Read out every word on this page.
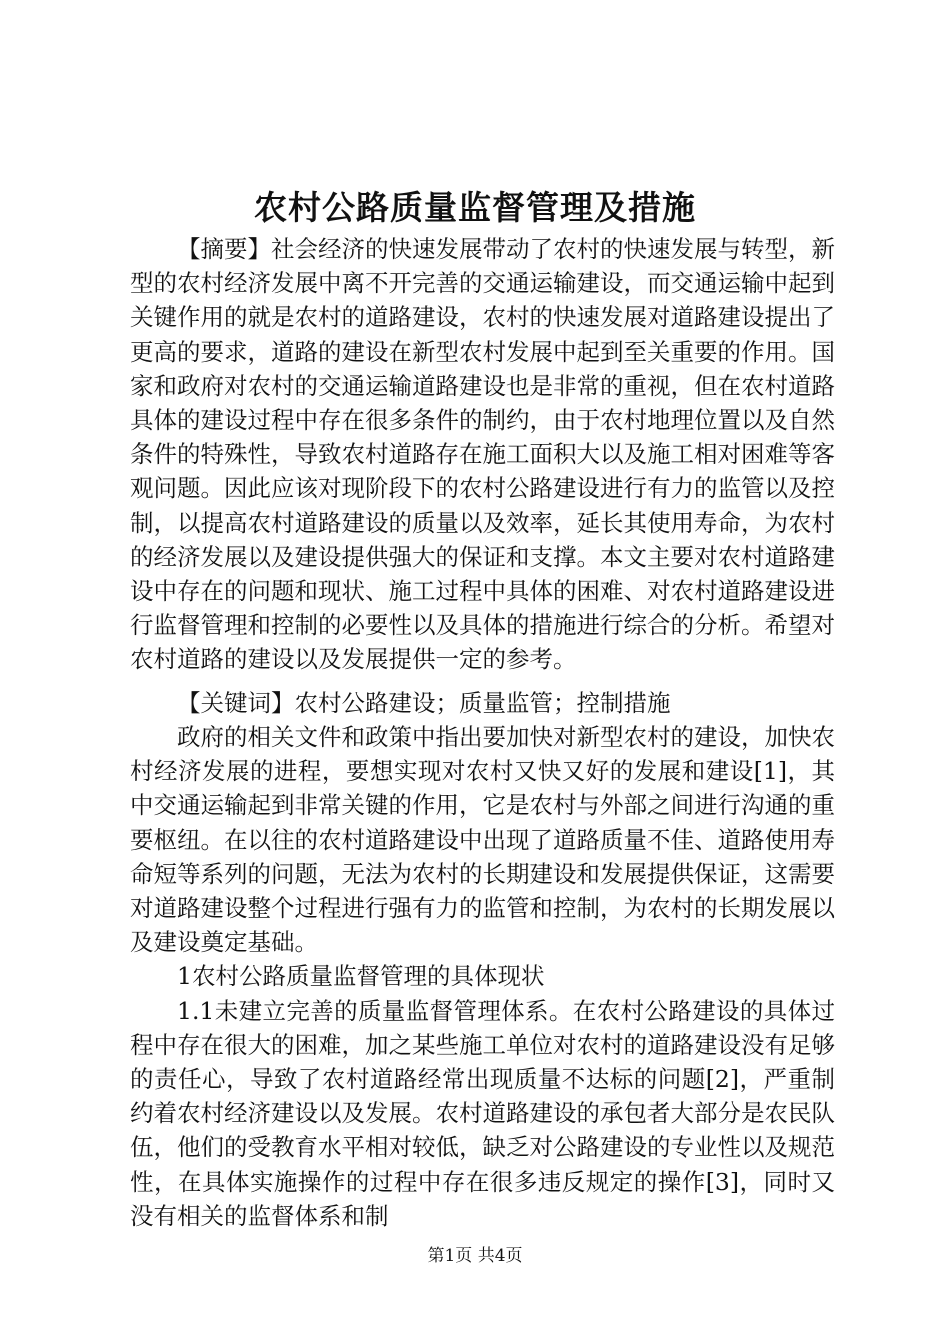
农村公路质量监督管理及措施

【摘要】社会经济的快速发展带动了农村的快速发展与转型，新型的农村经济发展中离不开完善的交通运输建设，而交通运输中起到关键作用的就是农村的道路建设，农村的快速发展对道路建设提出了更高的要求，道路的建设在新型农村发展中起到至关重要的作用。国家和政府对农村的交通运输道路建设也是非常的重视，但在农村道路具体的建设过程中存在很多条件的制约，由于农村地理位置以及自然条件的特殊性，导致农村道路存在施工面积大以及施工相对困难等客观问题。因此应该对现阶段下的农村公路建设进行有力的监管以及控制，以提高农村道路建设的质量以及效率，延长其使用寿命，为农村的经济发展以及建设提供强大的保证和支撑。本文主要对农村道路建设中存在的问题和现状、施工过程中具体的困难、对农村道路建设进行监督管理和控制的必要性以及具体的措施进行综合的分析。希望对农村道路的建设以及发展提供一定的参考。

【关键词】农村公路建设；质量监管；控制措施

政府的相关文件和政策中指出要加快对新型农村的建设，加快农村经济发展的进程，要想实现对农村又快又好的发展和建设[1]，其中交通运输起到非常关键的作用，它是农村与外部之间进行沟通的重要枢纽。在以往的农村道路建设中出现了道路质量不佳、道路使用寿命短等系列的问题，无法为农村的长期建设和发展提供保证，这需要对道路建设整个过程进行强有力的监管和控制，为农村的长期发展以及建设奠定基础。

1农村公路质量监督管理的具体现状

1.1未建立完善的质量监督管理体系。在农村公路建设的具体过程中存在很大的困难，加之某些施工单位对农村的道路建设没有足够的责任心，导致了农村道路经常出现质量不达标的问题[2]，严重制约着农村经济建设以及发展。农村道路建设的承包者大部分是农民队伍，他们的受教育水平相对较低，缺乏对公路建设的专业性以及规范性，在具体实施操作的过程中存在很多违反规定的操作[3]，同时又没有相关的监督体系和制

第1页 共4页
